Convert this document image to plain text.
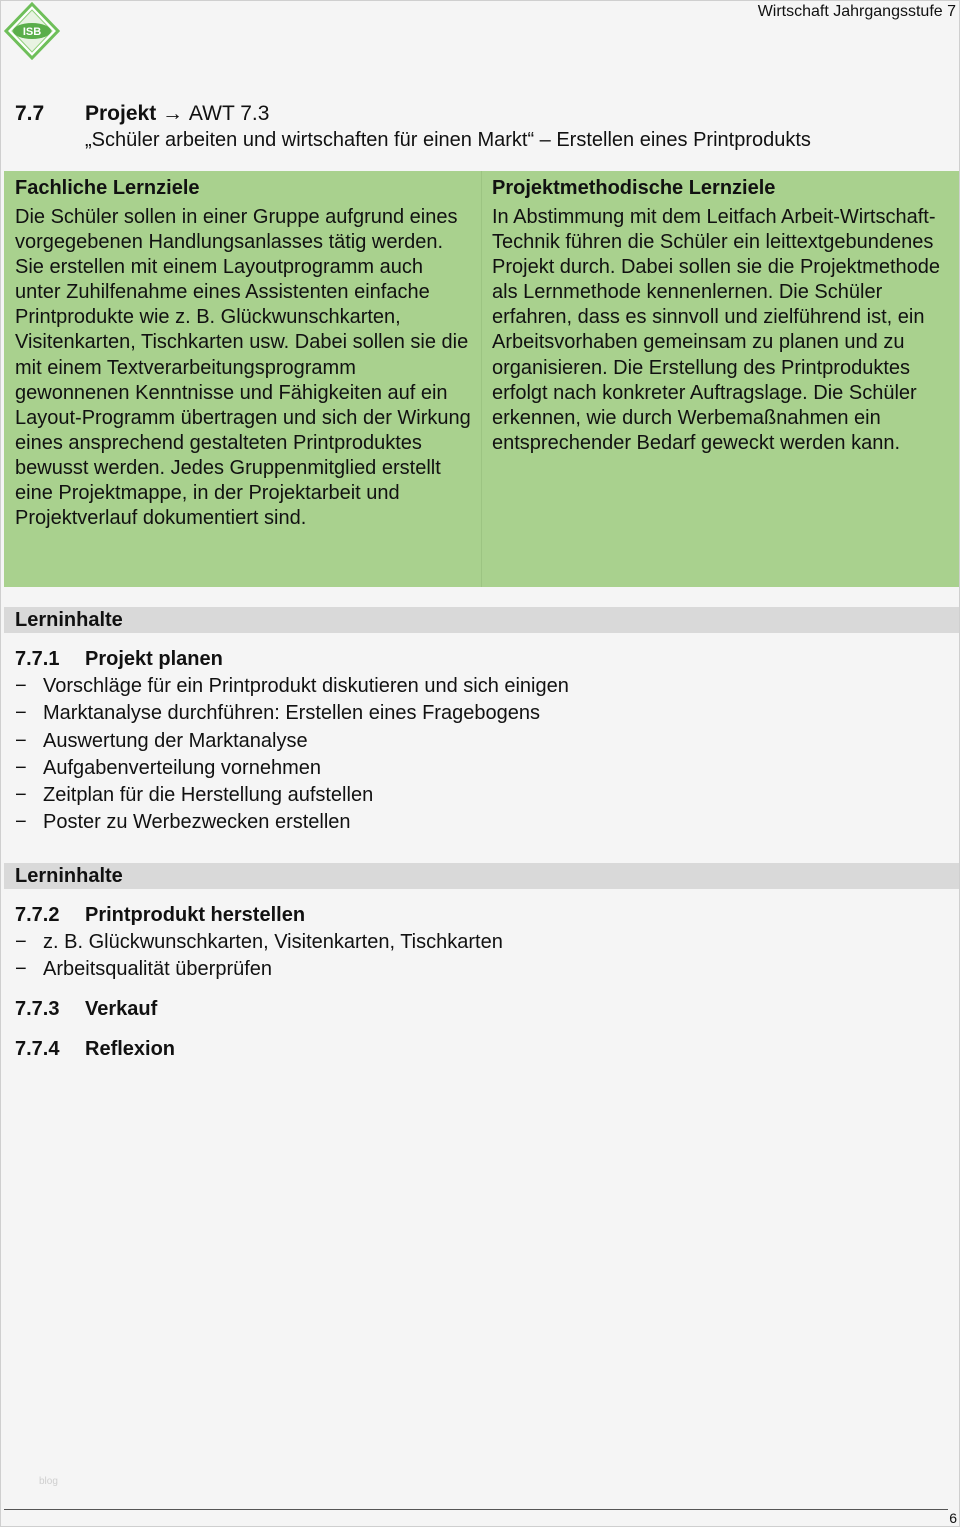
ISB
Wirtschaft Jahrgangsstufe 7
7.7	Projekt
→
AWT 7.3
„Schüler arbeiten und wirtschaften für einen Markt“ – Erstellen eines Printprodukts
Fachliche Lernziele
Die Schüler sollen in einer Gruppe aufgrund eines vorgegebenen Handlungsanlasses tätig werden. Sie erstellen mit einem Layoutprogramm auch unter Zuhilfenahme eines Assistenten einfache Printprodukte wie z. B. Glückwunschkarten, Visitenkarten, Tischkarten usw. Dabei sollen sie die mit einem Textverarbeitungsprogramm gewonnenen Kenntnisse und Fähigkeiten auf ein Layout-Programm übertragen und sich der Wirkung eines ansprechend gestalteten Printproduktes bewusst werden. Jedes Gruppenmitglied erstellt eine Projektmappe, in der Projektarbeit und Projektverlauf dokumentiert sind.
Projektmethodische Lernziele
In Abstimmung mit dem Leitfach Arbeit-Wirtschaft-Technik führen die Schüler ein leittextgebundenes Projekt durch. Dabei sollen sie die Projektmethode als Lernmethode kennenlernen. Die Schüler erfahren, dass es sinnvoll und zielführend ist, ein Arbeitsvorhaben gemeinsam zu planen und zu organisieren. Die Erstellung des Printproduktes erfolgt nach konkreter Auftragslage. Die Schüler erkennen, wie durch Werbemaßnahmen ein entsprechender Bedarf geweckt werden kann.
Lerninhalte
7.7.1	Projekt planen
− Vorschläge für ein Printprodukt diskutieren und sich einigen
− Marktanalyse durchführen: Erstellen eines Fragebogens
− Auswertung der Marktanalyse
− Aufgabenverteilung vornehmen
− Zeitplan für die Herstellung aufstellen
− Poster zu Werbezwecken erstellen
Lerninhalte
7.7.2	Printprodukt herstellen
− z. B. Glückwunschkarten, Visitenkarten, Tischkarten
− Arbeitsqualität überprüfen
7.7.3	Verkauf
7.7.4	Reflexion
blog
6
